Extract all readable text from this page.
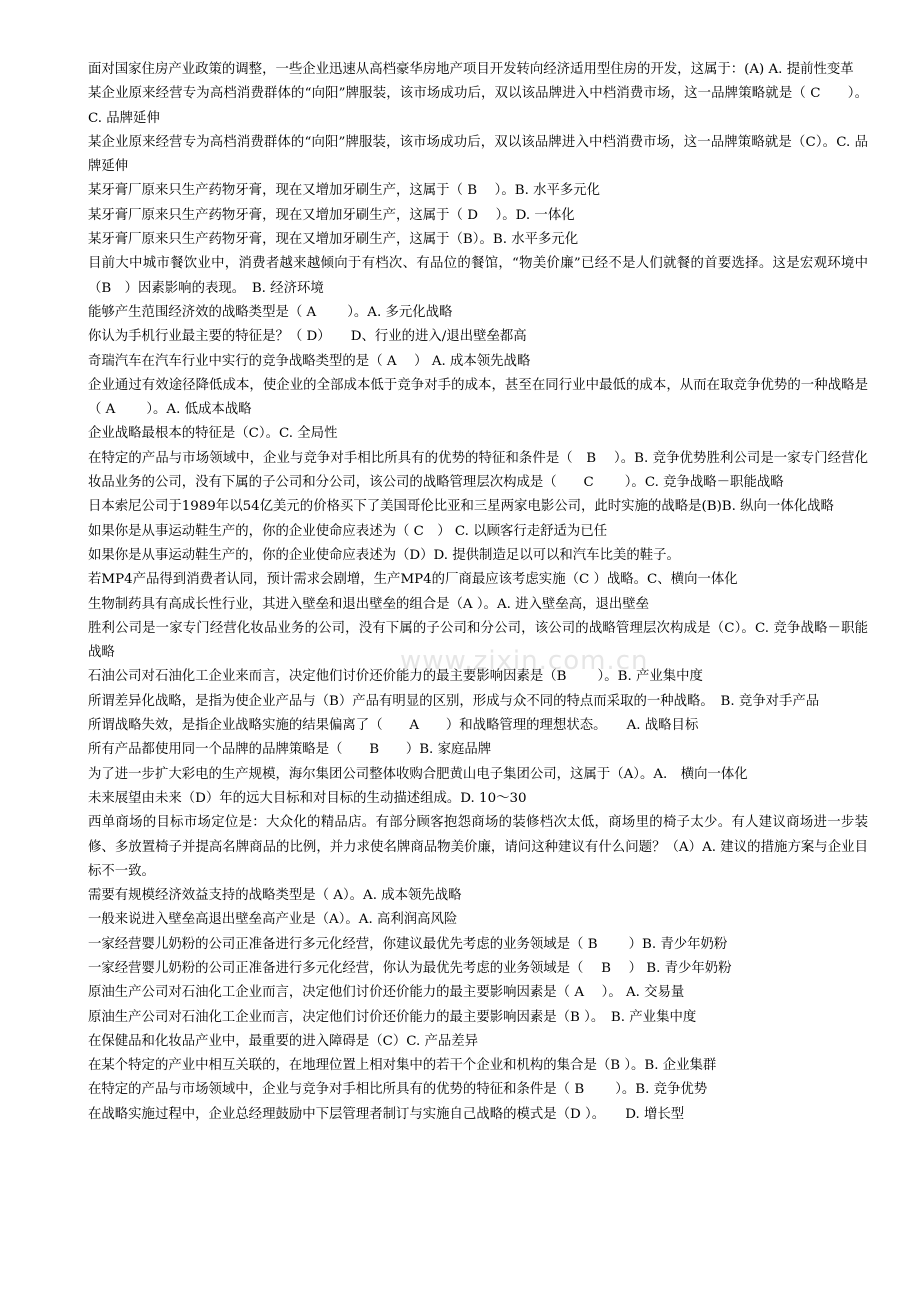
www.zixin.com.cn

面对国家住房产业政策的调整，一些企业迅速从高档豪华房地产项目开发转向经济适用型住房的开发，这属于：(A) A. 提前性变革

某企业原来经营专为高档消费群体的“向阳”牌服装，该市场成功后，双以该品牌进入中档消费市场，这一品牌策略就是（ C　　）。C. 品牌延伸

某企业原来经营专为高档消费群体的“向阳”牌服装，该市场成功后，双以该品牌进入中档消费市场，这一品牌策略就是（C）。C. 品牌延伸

某牙膏厂原来只生产药物牙膏，现在又增加牙刷生产，这属于（ B　 ）。B. 水平多元化

某牙膏厂原来只生产药物牙膏，现在又增加牙刷生产，这属于（ D　 ）。D. 一体化

某牙膏厂原来只生产药物牙膏，现在又增加牙刷生产，这属于（B）。B. 水平多元化

目前大中城市餐饮业中，消费者越来越倾向于有档次、有品位的餐馆，“物美价廉”已经不是人们就餐的首要选择。这是宏观环境中（B　）因素影响的表现。　B. 经济环境

能够产生范围经济效的战略类型是（ A　　 ）。A. 多元化战略

你认为手机行业最主要的特征是？（ D）　　D、行业的进入/退出壁垒都高

奇瑞汽车在汽车行业中实行的竞争战略类型的是（ A　 ） A. 成本领先战略

企业通过有效途径降低成本，使企业的全部成本低于竞争对手的成本，甚至在同行业中最低的成本，从而在取竞争优势的一种战略是（ A　　 ）。A. 低成本战略

企业战略最根本的特征是（C）。C. 全局性

在特定的产品与市场领域中，企业与竞争对手相比所具有的优势的特征和条件是（　B　 ）。B. 竞争优势胜利公司是一家专门经营化妆品业务的公司，没有下属的子公司和分公司，该公司的战略管理层次构成是（　　C　　 ）。C. 竞争战略－职能战略

日本索尼公司于1989年以54亿美元的价格买下了美国哥伦比亚和三星两家电影公司，此时实施的战略是(B)B. 纵向一体化战略

如果你是从事运动鞋生产的，你的企业使命应表述为（ C　） C. 以顾客行走舒适为已任

如果你是从事运动鞋生产的，你的企业使命应表述为（D）D. 提供制造足以可以和汽车比美的鞋子。

若MP4产品得到消费者认同，预计需求会剧增，生产MP4的厂商最应该考虑实施（C ）战略。C、横向一体化

生物制药具有高成长性行业，其进入壁垒和退出壁垒的组合是（A ）。A. 进入壁垒高，退出壁垒

胜利公司是一家专门经营化妆品业务的公司，没有下属的子公司和分公司，该公司的战略管理层次构成是（C）。C. 竞争战略－职能战略

石油公司对石油化工企业来而言，决定他们讨价还价能力的最主要影响因素是（B　　 ）。B. 产业集中度

所谓差异化战略，是指为使企业产品与（B）产品有明显的区别，形成与众不同的特点而采取的一种战略。　B. 竞争对手产品

所谓战略失效，是指企业战略实施的结果偏离了（　　A　　）和战略管理的理想状态。　　A. 战略目标

所有产品都使用同一个品牌的品牌策略是（　　B　　）B. 家庭品牌

为了进一步扩大彩电的生产规模，海尔集团公司整体收购合肥黄山电子集团公司，这属于（A）。A.　横向一体化

未来展望由未来（D）年的远大目标和对目标的生动描述组成。D. 10～30

西单商场的目标市场定位是：大众化的精品店。有部分顾客抱怨商场的装修档次太低，商场里的椅子太少。有人建议商场进一步装修、多放置椅子并提高名牌商品的比例，并力求使名牌商品物美价廉，请问这种建议有什么问题？（A）A. 建议的措施方案与企业目标不一致。

需要有规模经济效益支持的战略类型是（ A）。A. 成本领先战略

一般来说进入壁垒高退出壁垒高产业是（A）。A. 高利润高风险

一家经营婴儿奶粉的公司正准备进行多元化经营，你建议最优先考虑的业务领域是（ B　　 ）B. 青少年奶粉

一家经营婴儿奶粉的公司正准备进行多元化经营，你认为最优先考虑的业务领域是（　 B　 ） B. 青少年奶粉

原油生产公司对石油化工企业而言，决定他们讨价还价能力的最主要影响因素是（ A　 ）。 A. 交易量

原油生产公司对石油化工企业而言，决定他们讨价还价能力的最主要影响因素是（B ）。　B. 产业集中度

在保健品和化妆品产业中，最重要的进入障碍是（C）C. 产品差异

在某个特定的产业中相互关联的，在地理位置上相对集中的若干个企业和机构的集合是（B ）。B. 企业集群

在特定的产品与市场领域中，企业与竞争对手相比所具有的优势的特征和条件是（ B　　 ）。B. 竞争优势

在战略实施过程中，企业总经理鼓励中下层管理者制订与实施自己战略的模式是（D ）。　　D. 增长型
